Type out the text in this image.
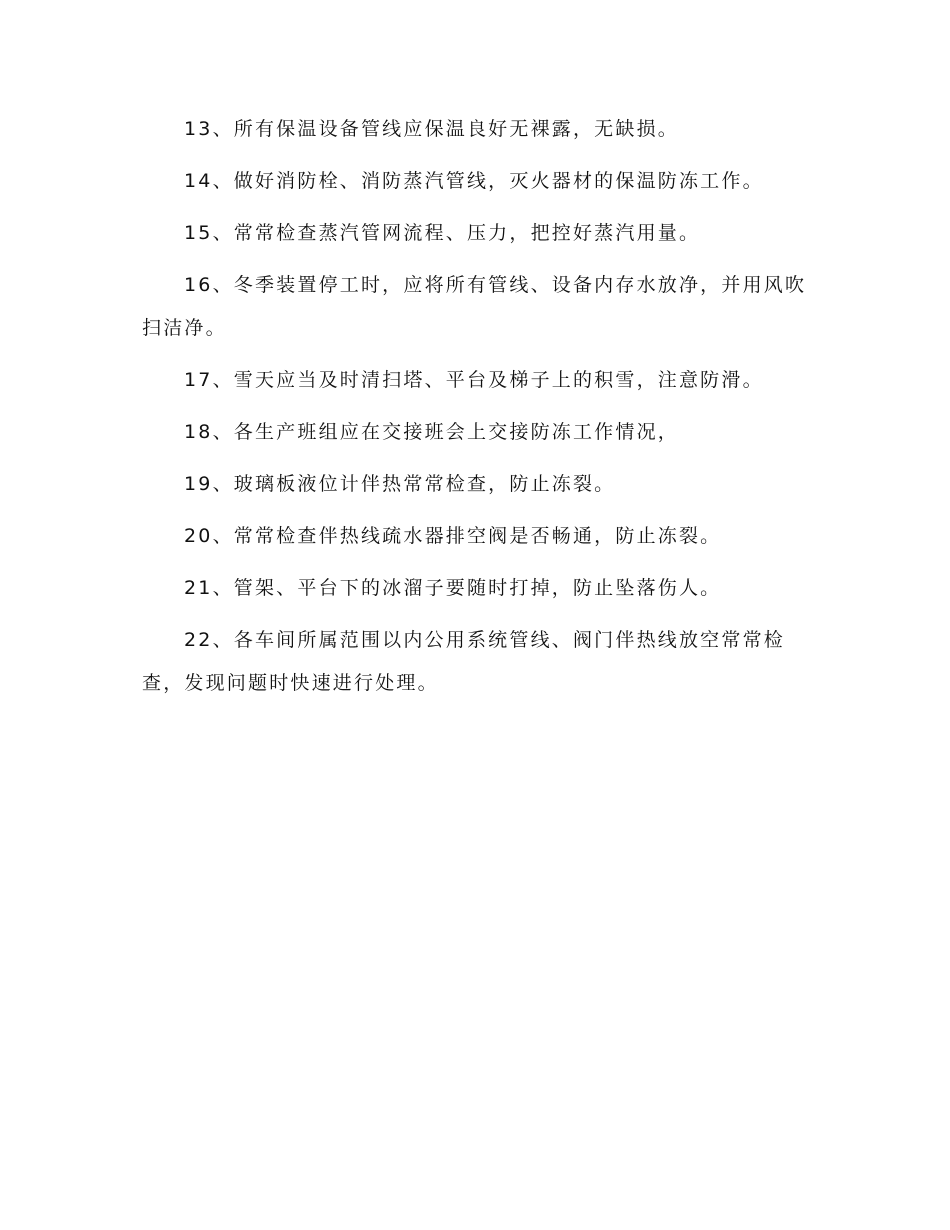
13、所有保温设备管线应保温良好无裸露，无缺损。

14、做好消防栓、消防蒸汽管线，灭火器材的保温防冻工作。

15、常常检查蒸汽管网流程、压力，把控好蒸汽用量。

16、冬季装置停工时，应将所有管线、设备内存水放净，并用风吹扫洁净。

17、雪天应当及时清扫塔、平台及梯子上的积雪，注意防滑。

18、各生产班组应在交接班会上交接防冻工作情况，

19、玻璃板液位计伴热常常检查，防止冻裂。

20、常常检查伴热线疏水器排空阀是否畅通，防止冻裂。

21、管架、平台下的冰溜子要随时打掉，防止坠落伤人。

22、各车间所属范围以内公用系统管线、阀门伴热线放空常常检查，发现问题时快速进行处理。
